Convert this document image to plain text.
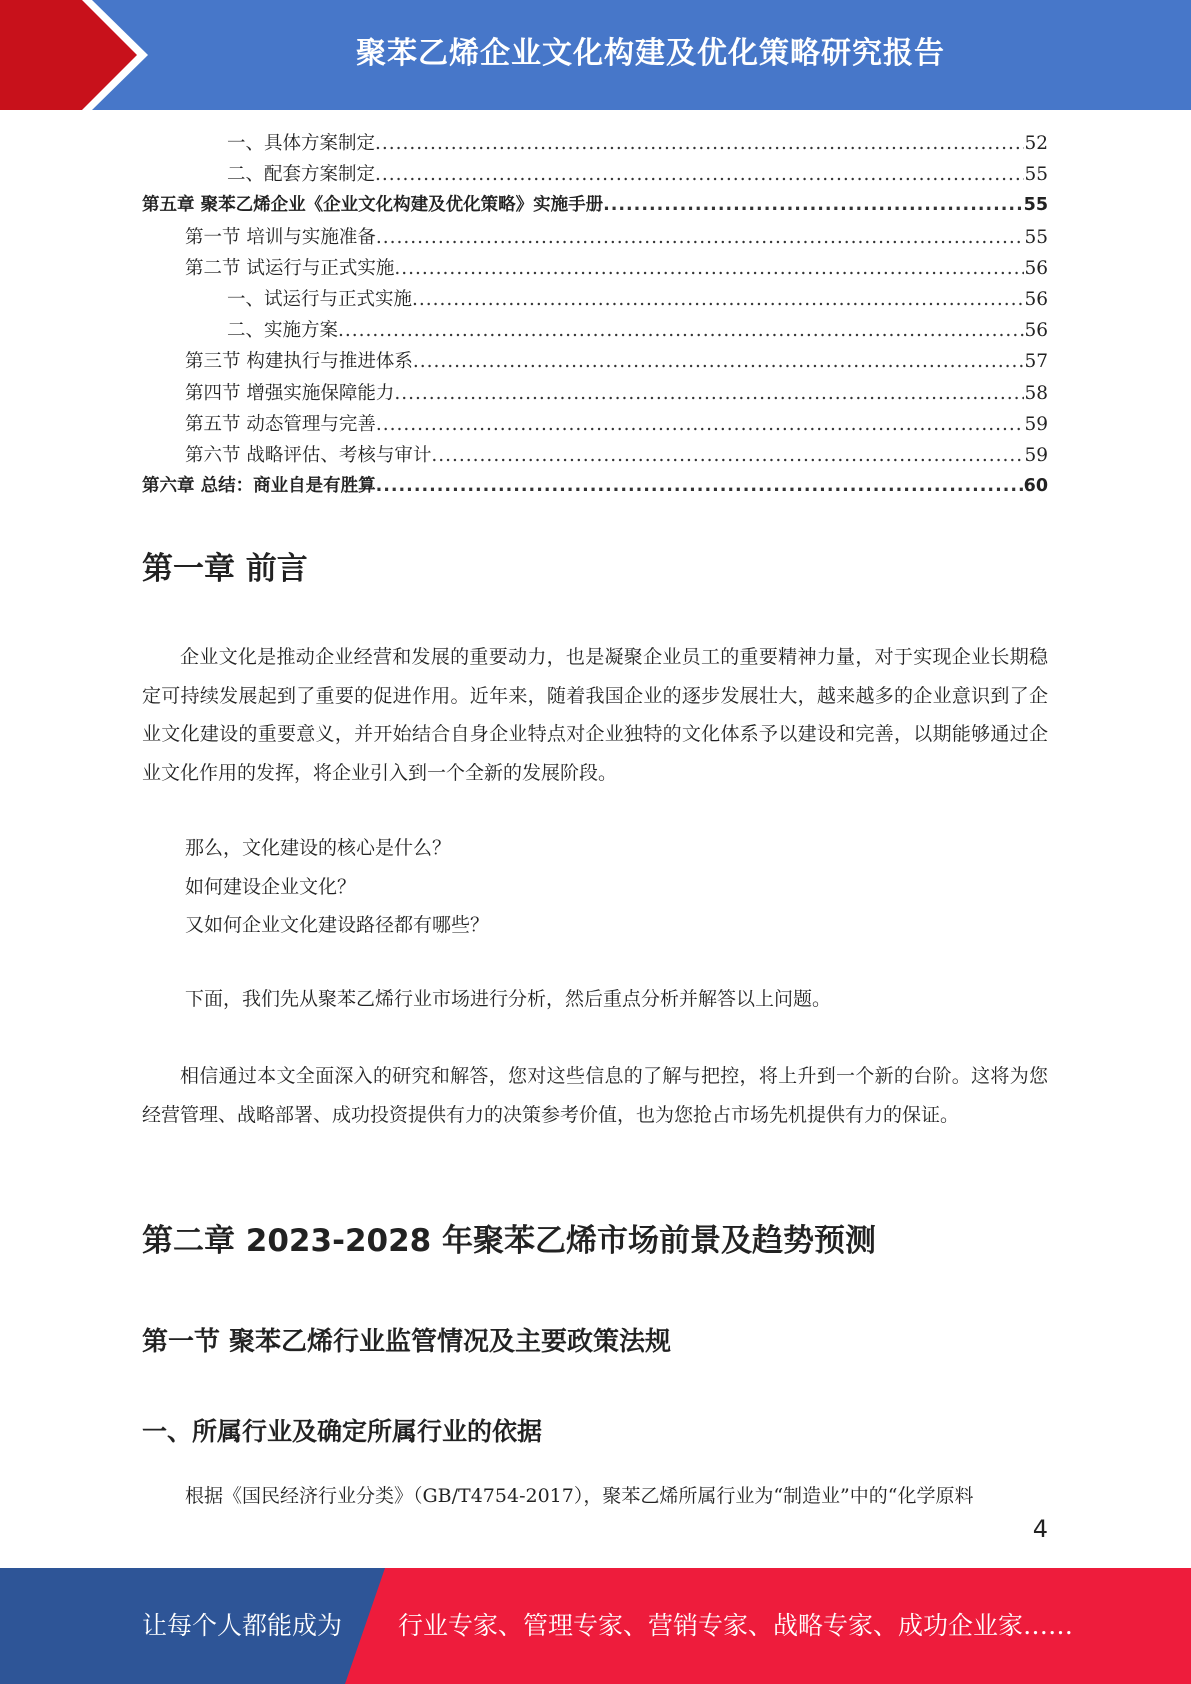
聚苯乙烯企业文化构建及优化策略研究报告
一、具体方案制定 .....	52
二、配套方案制定 .....	55
第五章 聚苯乙烯企业《企业文化构建及优化策略》实施手册 .....	55
第一节 培训与实施准备 .....	55
第二节 试运行与正式实施 .....	56
一、试运行与正式实施 .....	56
二、实施方案 .....	56
第三节 构建执行与推进体系 .....	57
第四节 增强实施保障能力 .....	58
第五节 动态管理与完善 .....	59
第六节 战略评估、考核与审计 .....	59
第六章 总结：商业自是有胜算 .....	60
第一章 前言

企业文化是推动企业经营和发展的重要动力，也是凝聚企业员工的重要精神力量，对于实现企业长期稳定可持续发展起到了重要的促进作用。近年来，随着我国企业的逐步发展壮大，越来越多的企业意识到了企业文化建设的重要意义，并开始结合自身企业特点对企业独特的文化体系予以建设和完善，以期能够通过企业文化作用的发挥，将企业引入到一个全新的发展阶段。

那么，文化建设的核心是什么？

如何建设企业文化？

又如何企业文化建设路径都有哪些？

下面，我们先从聚苯乙烯行业市场进行分析，然后重点分析并解答以上问题。

相信通过本文全面深入的研究和解答，您对这些信息的了解与把控，将上升到一个新的台阶。这将为您经营管理、战略部署、成功投资提供有力的决策参考价值，也为您抢占市场先机提供有力的保证。

第二章 2023-2028 年聚苯乙烯市场前景及趋势预测
第一节 聚苯乙烯行业监管情况及主要政策法规
一、所属行业及确定所属行业的依据

根据《国民经济行业分类》（GB/T4754-2017），聚苯乙烯所属行业为“制造业”中的“化学原料

4
让每个人都能成为 行业专家、管理专家、营销专家、战略专家、成功企业家……
